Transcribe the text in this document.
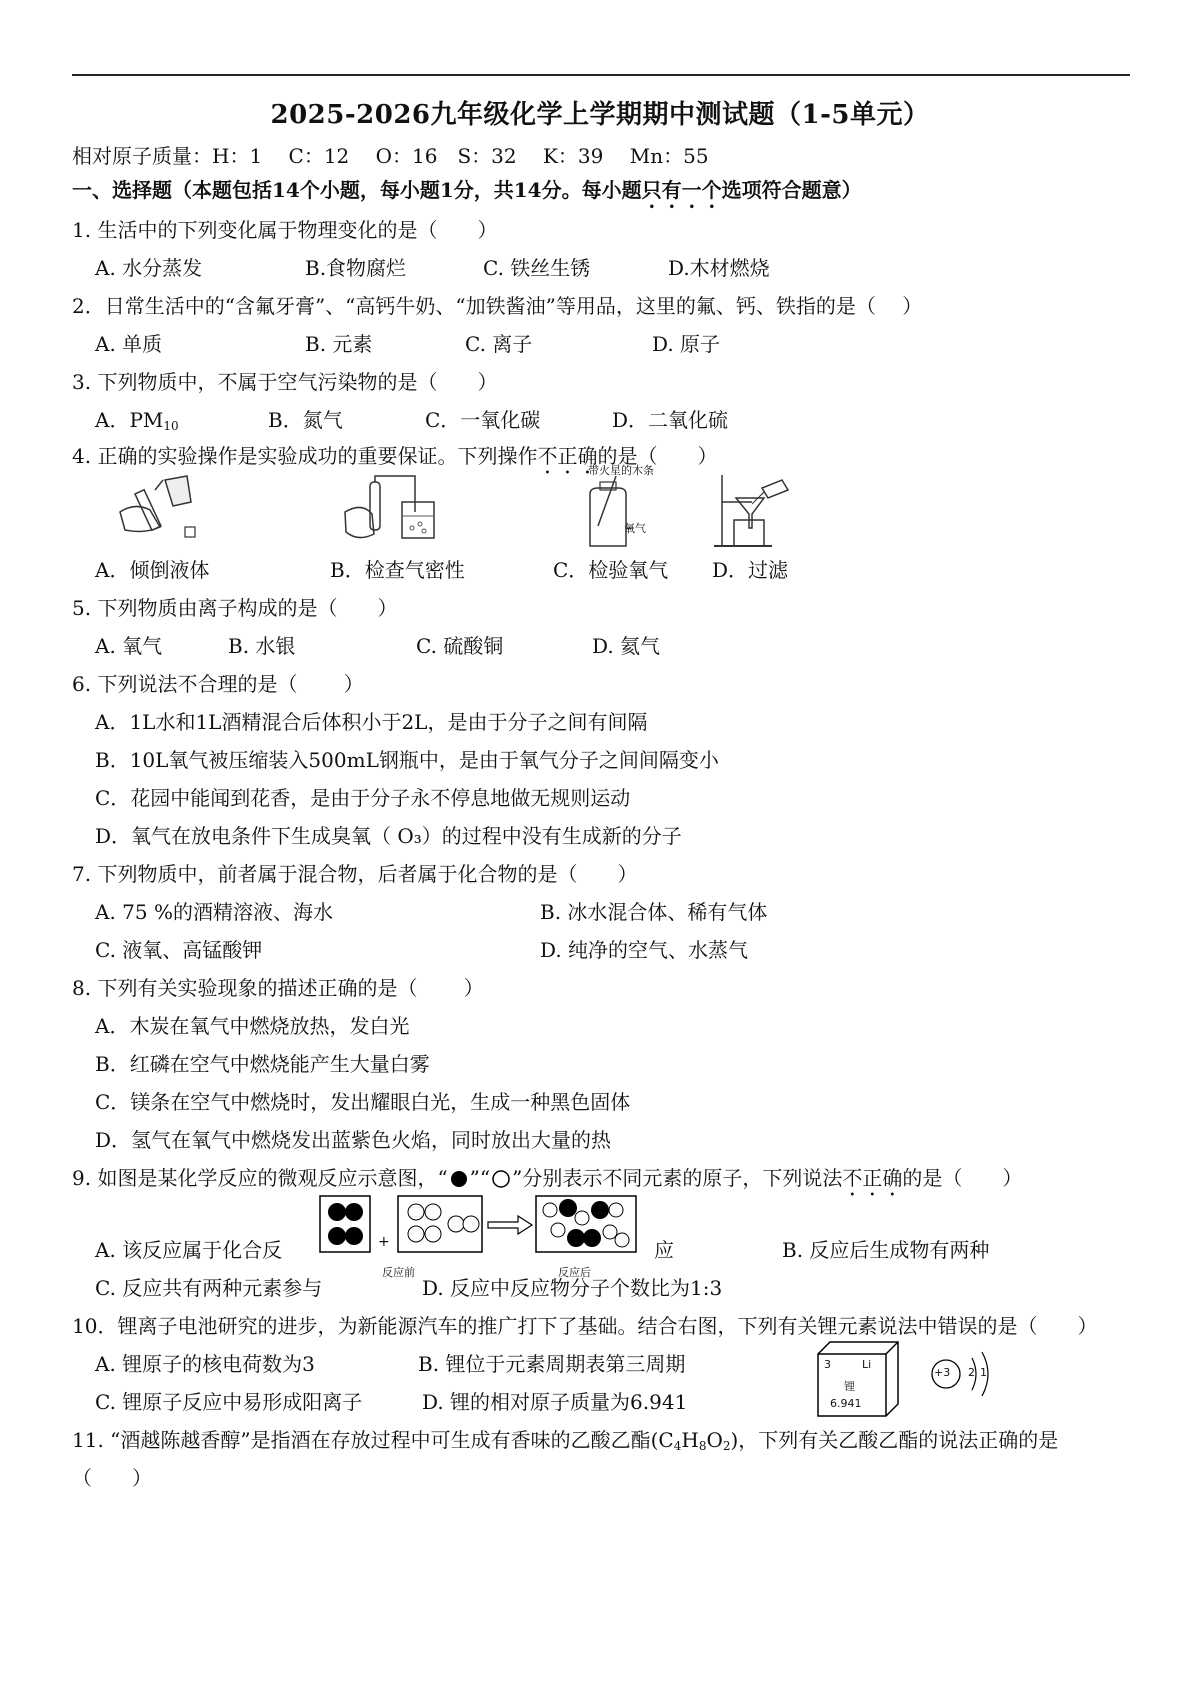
2025-2026九年级化学上学期期中测试题（1-5单元）
相对原子质量：H：1　 C：12　 O：16　S：32　 K：39　 Mn：55
一、选择题（本题包括14个小题，每小题1分，共14分。每小题只有一个选项符合题意）
1. 生活中的下列变化属于物理变化的是（　　）
A. 水分蒸发	B.食物腐烂	C. 铁丝生锈	D.木材燃烧
2．日常生活中的“含氟牙膏”、“高钙牛奶、“加铁酱油”等用品，这里的氟、钙、铁指的是（　 ）
A. 单质	B. 元素	C. 离子	D. 原子
3. 下列物质中，不属于空气污染物的是（　　）
A．$PM_{10}$	B．氮气	C．一氧化碳	D．二氧化硫
4. 正确的实验操作是实验成功的重要保证。下列操作不正确的是（　　）
带火星的木条
氧气
A．倾倒液体	B．检查气密性	C．检验氧气 D．过滤
5. 下列物质由离子构成的是（　　）
A. 氧气	B. 水银	C. 硫酸铜	D. 氦气
6. 下列说法不合理的是（　　 ）
A．1L水和1L酒精混合后体积小于2L，是由于分子之间有间隔
B．10L氧气被压缩装入500mL钢瓶中，是由于氧气分子之间间隔变小
C．花园中能闻到花香，是由于分子永不停息地做无规则运动
D．氧气在放电条件下生成臭氧（ O₃）的过程中没有生成新的分子
7. 下列物质中，前者属于混合物，后者属于化合物的是（　　）
A. 75 %的酒精溶液、海水	B. 冰水混合体、稀有气体
C. 液氧、高锰酸钾	D. 纯净的空气、水蒸气
8. 下列有关实验现象的描述正确的是（　　 ）
A．木炭在氧气中燃烧放热，发白光
B．红磷在空气中燃烧能产生大量白雾
C．镁条在空气中燃烧时，发出耀眼白光，生成一种黑色固体
D．氢气在氧气中燃烧发出蓝紫色火焰，同时放出大量的热
9. 如图是某化学反应的微观反应示意图，“ ”“ ”分别表示不同元素的原子，下列说法不正确的是（　　）
+
反应前	反应后
A. 该反应属于化合反	应	B. 反应后生成物有两种
C. 反应共有两种元素参与	D. 反应中反应物分子个数比为1:3
10．锂离子电池研究的进步，为新能源汽车的推广打下了基础。结合右图，下列有关锂元素说法中错误的是（　　）
A. 锂原子的核电荷数为3	B. 锂位于元素周期表第三周期
C. 锂原子反应中易形成阳离子	D. 锂的相对原子质量为6.941
3	Li
锂
6.941
+3 2 1
11. “酒越陈越香醇”是指酒在存放过程中可生成有香味的乙酸乙酯$(C_4H_8O_2)$，下列有关乙酸乙酯的说法正确的是
（　　）
